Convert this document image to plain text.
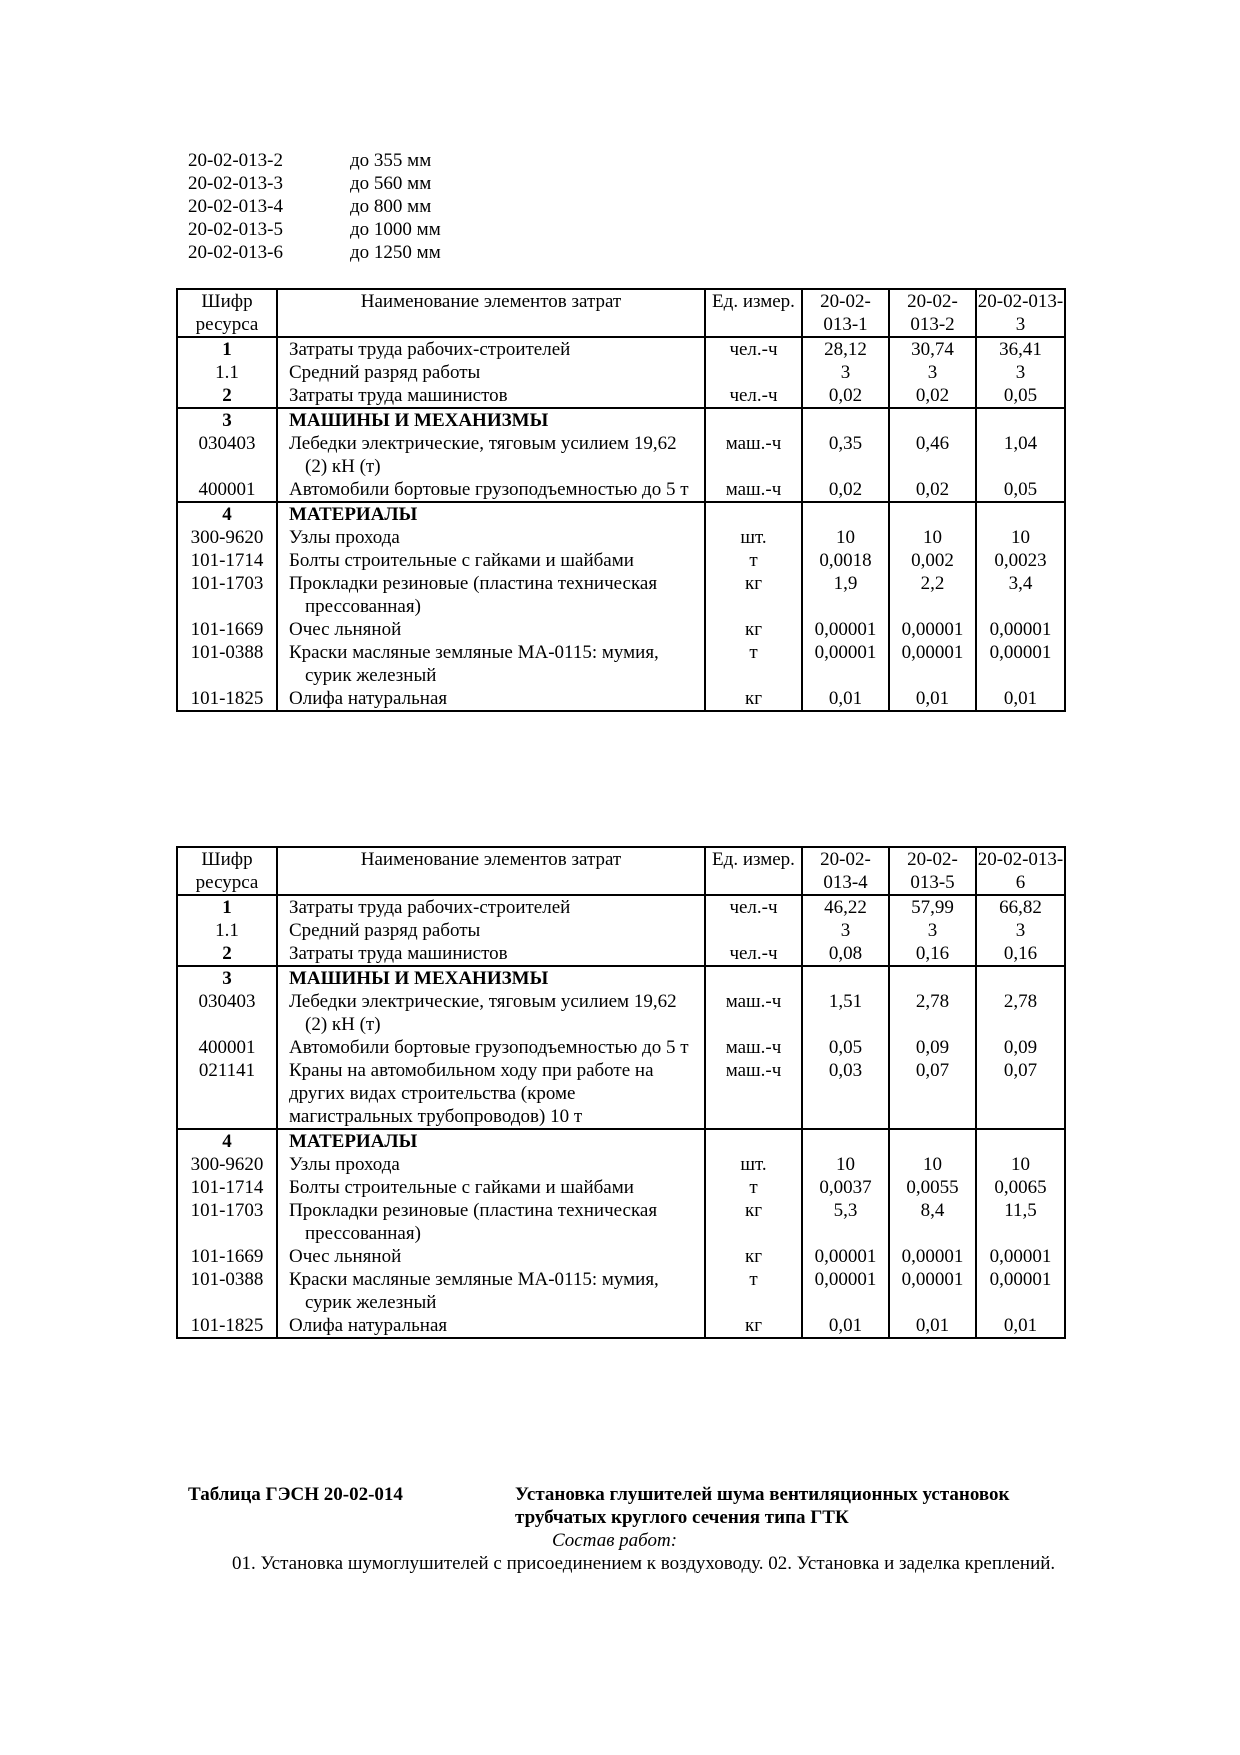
20-02-013-2	до 355 мм
20-02-013-3	до 560 мм
20-02-013-4	до 800 мм
20-02-013-5	до 1000 мм
20-02-013-6	до 1250 мм
Шифр ресурса	Наименование элементов затрат	Ед. измер.	20-02-013-1	20-02-013-2	20-02-013-3
1	Затраты труда рабочих-строителей	чел.-ч	28,12	30,74	36,41
1.1	Средний разряд работы		3	3	3
2	Затраты труда машинистов	чел.-ч	0,02	0,02	0,05
3	МАШИНЫ И МЕХАНИЗМЫ				
030403	Лебедки электрические, тяговым усилием 19,62 (2) кН (т)	маш.-ч	0,35	0,46	1,04
400001	Автомобили бортовые грузоподъемностью до 5 т	маш.-ч	0,02	0,02	0,05
4	МАТЕРИАЛЫ				
300-9620	Узлы прохода	шт.	10	10	10
101-1714	Болты строительные с гайками и шайбами	т	0,0018	0,002	0,0023
101-1703	Прокладки резиновые (пластина техническая прессованная)	кг	1,9	2,2	3,4
101-1669	Очес льняной	кг	0,00001	0,00001	0,00001
101-0388	Краски масляные земляные МА-0115: мумия, сурик железный	т	0,00001	0,00001	0,00001
101-1825	Олифа натуральная	кг	0,01	0,01	0,01
Шифр ресурса	Наименование элементов затрат	Ед. измер.	20-02-013-4	20-02-013-5	20-02-013-6
1	Затраты труда рабочих-строителей	чел.-ч	46,22	57,99	66,82
1.1	Средний разряд работы		3	3	3
2	Затраты труда машинистов	чел.-ч	0,08	0,16	0,16
3	МАШИНЫ И МЕХАНИЗМЫ				
030403	Лебедки электрические, тяговым усилием 19,62 (2) кН (т)	маш.-ч	1,51	2,78	2,78
400001	Автомобили бортовые грузоподъемностью до 5 т	маш.-ч	0,05	0,09	0,09
021141	Краны на автомобильном ходу при работе на других видах строительства (кроме магистральных трубопроводов) 10 т	маш.-ч	0,03	0,07	0,07
4	МАТЕРИАЛЫ				
300-9620	Узлы прохода	шт.	10	10	10
101-1714	Болты строительные с гайками и шайбами	т	0,0037	0,0055	0,0065
101-1703	Прокладки резиновые (пластина техническая прессованная)	кг	5,3	8,4	11,5
101-1669	Очес льняной	кг	0,00001	0,00001	0,00001
101-0388	Краски масляные земляные МА-0115: мумия, сурик железный	т	0,00001	0,00001	0,00001
101-1825	Олифа натуральная	кг	0,01	0,01	0,01
Таблица ГЭСН 20-02-014	Установка глушителей шума вентиляционных установок трубчатых круглого сечения типа ГТК
Состав работ:
01. Установка шумоглушителей с присоединением к воздуховоду. 02. Установка и заделка креплений.
